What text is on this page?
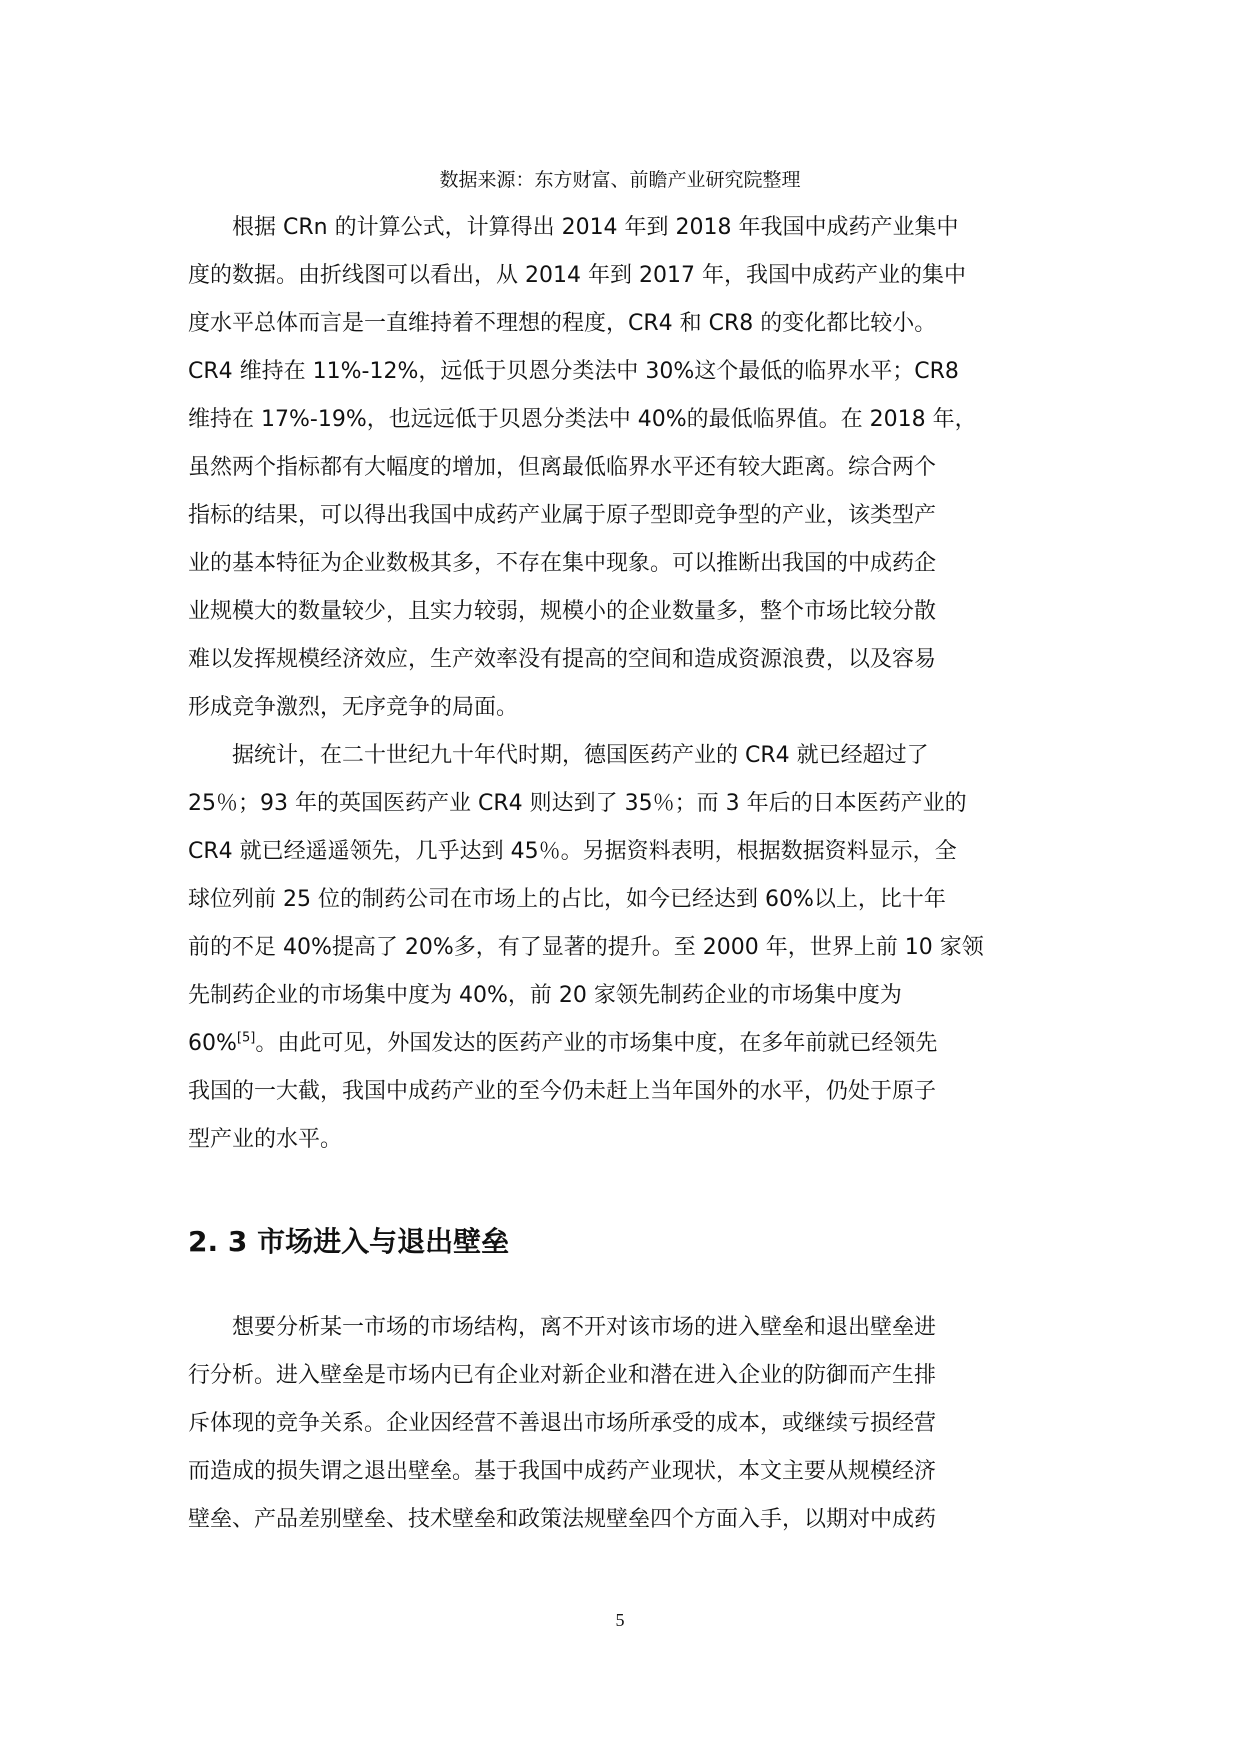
数据来源：东方财富、前瞻产业研究院整理
根据 CRn 的计算公式，计算得出 2014 年到 2018 年我国中成药产业集中
度的数据。由折线图可以看出，从 2014 年到 2017 年，我国中成药产业的集中
度水平总体而言是一直维持着不理想的程度，CR4 和 CR8 的变化都比较小。
CR4 维持在 11%-12%，远低于贝恩分类法中 30%这个最低的临界水平；CR8
维持在 17%-19%，也远远低于贝恩分类法中 40%的最低临界值。在 2018 年，
虽然两个指标都有大幅度的增加，但离最低临界水平还有较大距离。综合两个
指标的结果，可以得出我国中成药产业属于原子型即竞争型的产业，该类型产
业的基本特征为企业数极其多，不存在集中现象。可以推断出我国的中成药企
业规模大的数量较少，且实力较弱，规模小的企业数量多，整个市场比较分散
难以发挥规模经济效应，生产效率没有提高的空间和造成资源浪费，以及容易
形成竞争激烈，无序竞争的局面。
据统计，在二十世纪九十年代时期，德国医药产业的 CR4 就已经超过了
25％；93 年的英国医药产业 CR4 则达到了 35％；而 3 年后的日本医药产业的
CR4 就已经遥遥领先，几乎达到 45％。另据资料表明，根据数据资料显示，全
球位列前 25 位的制药公司在市场上的占比，如今已经达到 60%以上，比十年
前的不足 40%提高了 20%多，有了显著的提升。至 2000 年，世界上前 10 家领
先制药企业的市场集中度为 40%，前 20 家领先制药企业的市场集中度为
60%[5]。由此可见，外国发达的医药产业的市场集中度，在多年前就已经领先
我国的一大截，我国中成药产业的至今仍未赶上当年国外的水平，仍处于原子
型产业的水平。
2. 3 市场进入与退出壁垒
想要分析某一市场的市场结构，离不开对该市场的进入壁垒和退出壁垒进
行分析。进入壁垒是市场内已有企业对新企业和潜在进入企业的防御而产生排
斥体现的竞争关系。企业因经营不善退出市场所承受的成本，或继续亏损经营
而造成的损失谓之退出壁垒。基于我国中成药产业现状，本文主要从规模经济
壁垒、产品差别壁垒、技术壁垒和政策法规壁垒四个方面入手，以期对中成药
5
